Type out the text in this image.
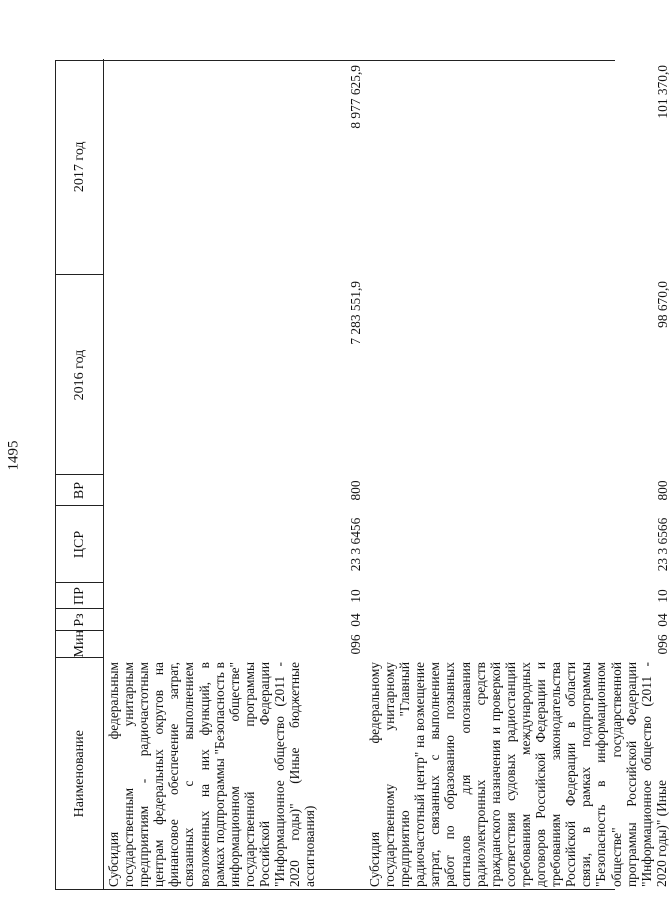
1495
Наименование	Мин	Рз	ПР	ЦСР	ВР	2016 год	2017 год
Субсидия федеральным государственным унитарным предприятиям - радиочастотным центрам федеральных округов на финансовое обеспечение затрат, связанных с выполнением возложенных на них функций, в рамках подпрограммы "Безопасность в информационном обществе" государственной программы Российской Федерации "Информационное общество (2011 - 2020 годы)" (Иные бюджетные ассигнования)	096	04	10	23 3 6456	800	7 283 551,9	8 977 625,9
Субсидия федеральному государственному унитарному предприятию "Главный радиочастотный центр" на возмещение затрат, связанных с выполнением работ по образованию позывных сигналов для опознавания радиоэлектронных средств гражданского назначения и проверкой соответствия судовых радиостанций требованиям международных договоров Российской Федерации и требованиям законодательства Российской Федерации в области связи, в рамках подпрограммы "Безопасность в информационном обществе" государственной программы Российской Федерации "Информационное общество (2011 - 2020 годы)" (Иные	096	04	10	23 3 6566	800	98 670,0	101 370,0
